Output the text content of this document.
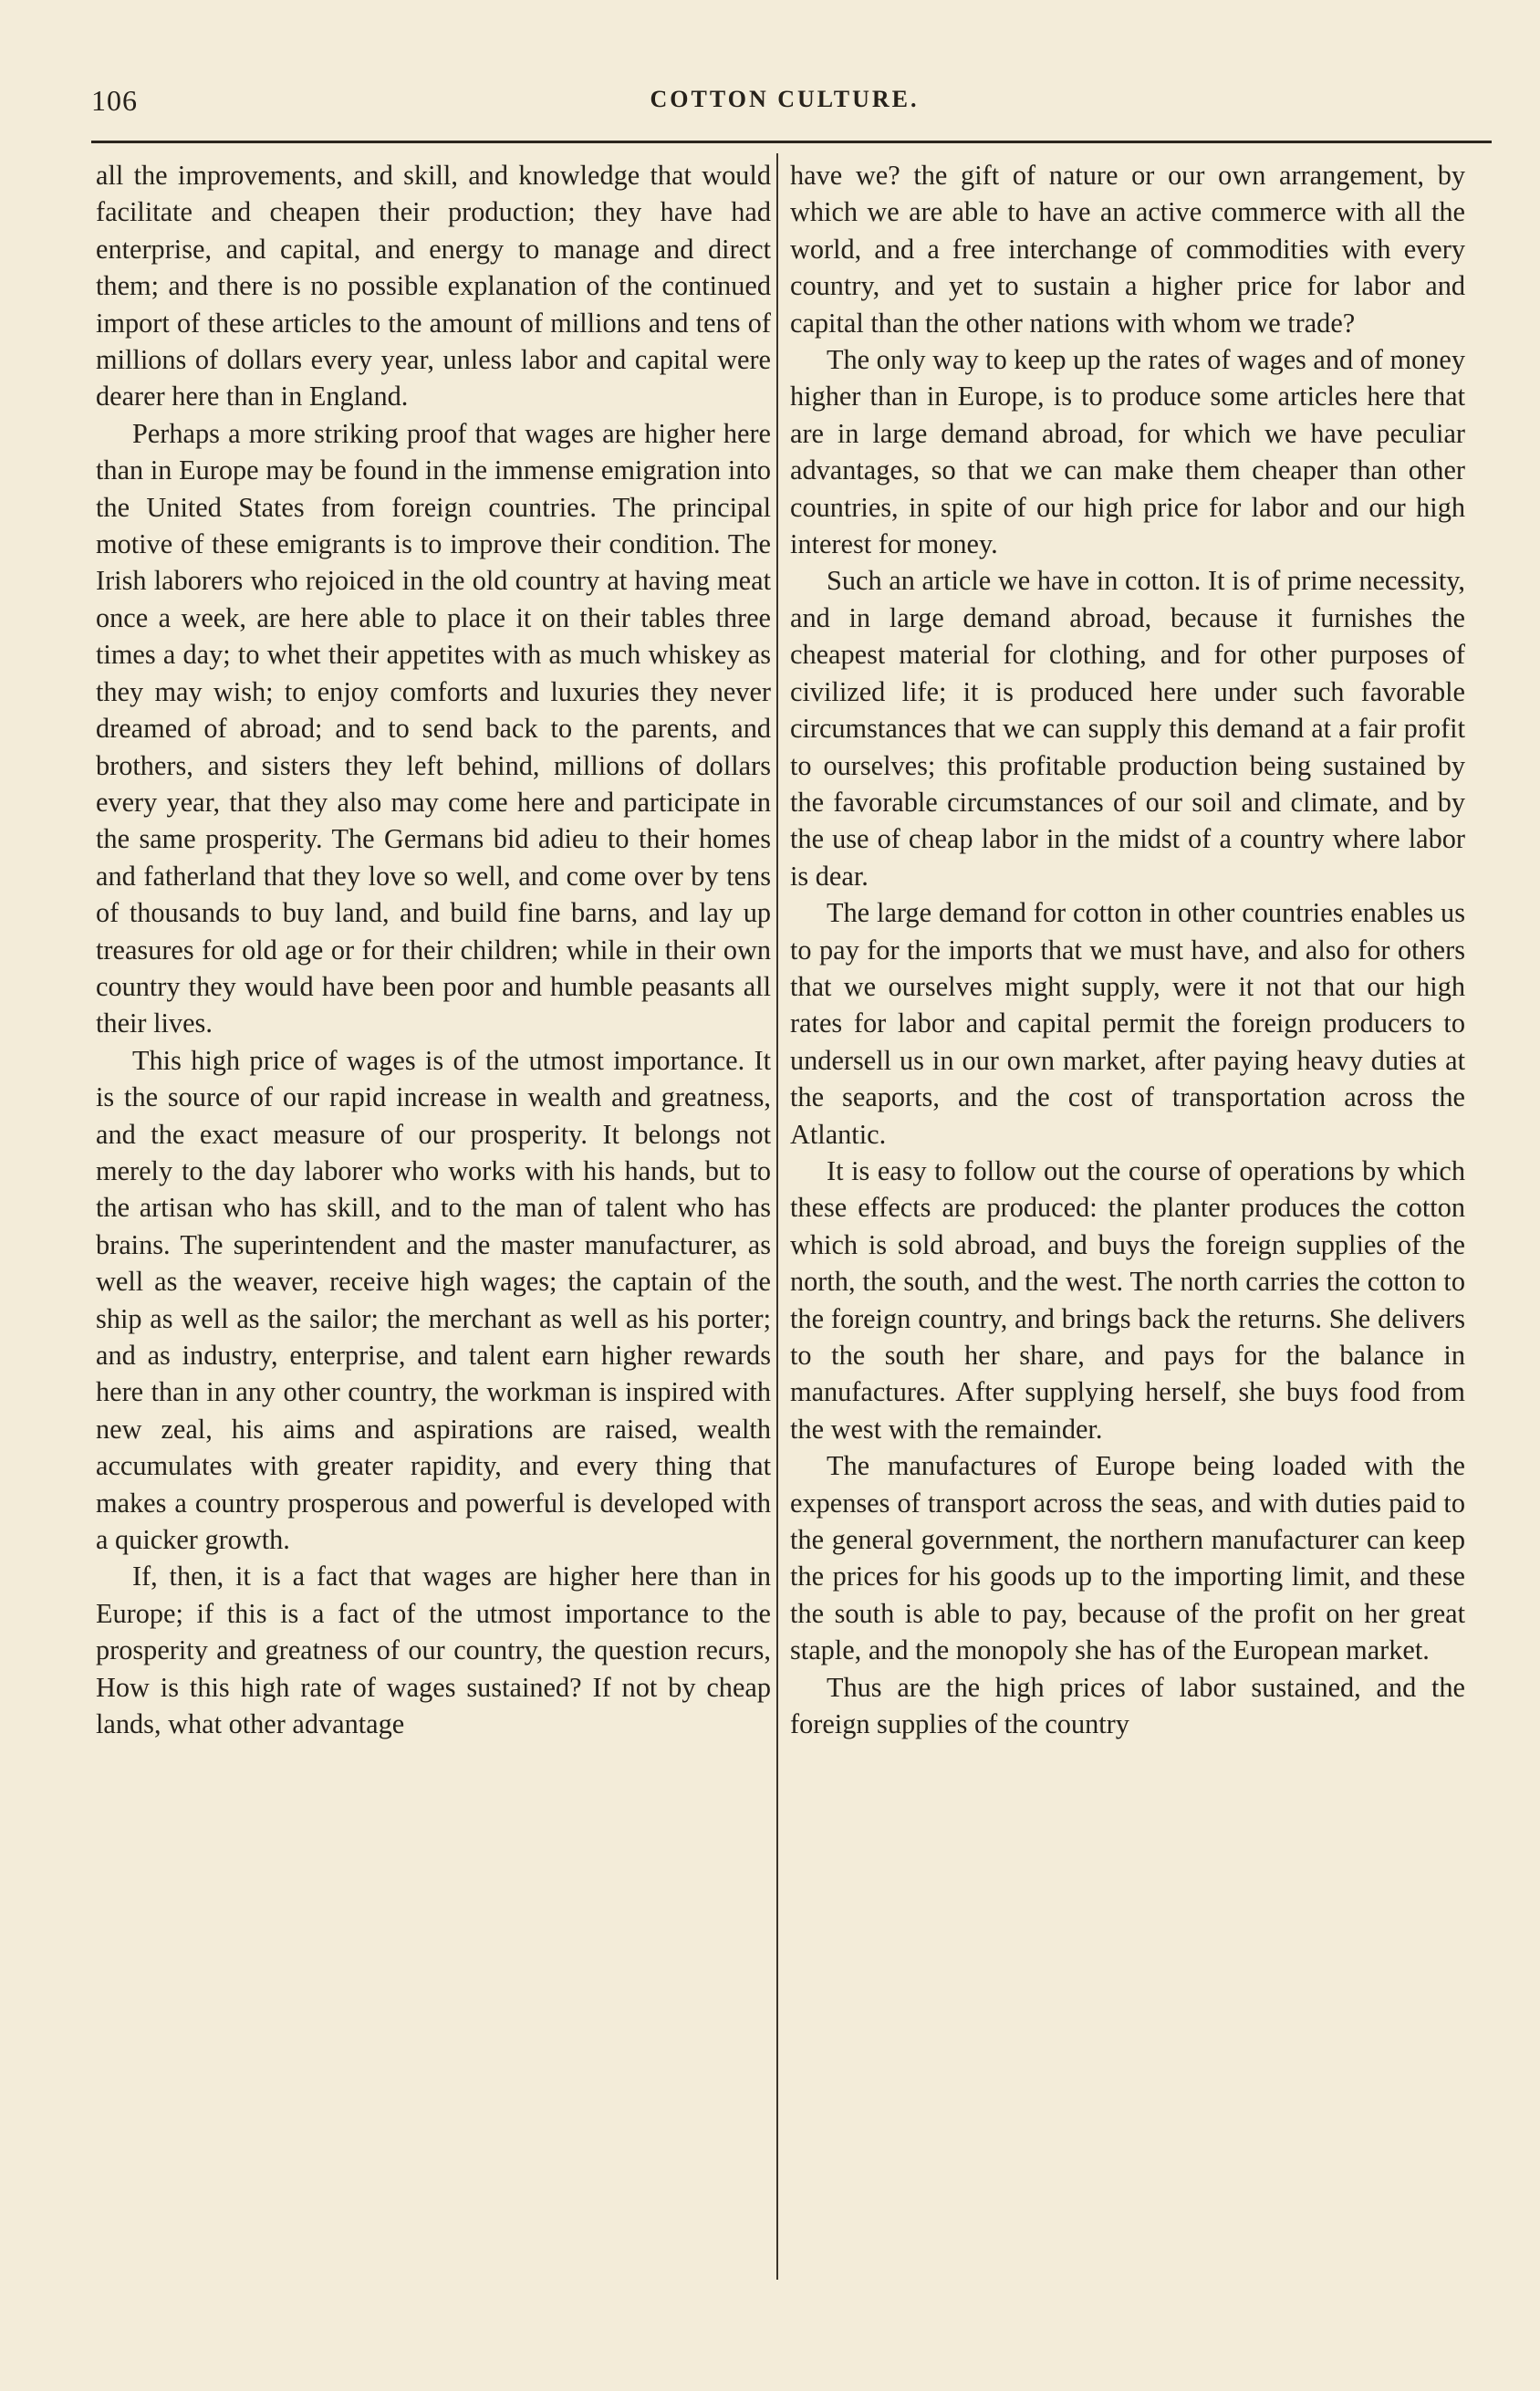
106	COTTON CULTURE.

all the improvements, and skill, and knowledge that would facilitate and cheapen their production; they have had enterprise, and capital, and energy to manage and direct them; and there is no possible explanation of the continued import of these articles to the amount of millions and tens of millions of dollars every year, unless labor and capital were dearer here than in England.

Perhaps a more striking proof that wages are higher here than in Europe may be found in the immense emigration into the United States from foreign countries. The principal motive of these emigrants is to improve their condition. The Irish laborers who rejoiced in the old country at having meat once a week, are here able to place it on their tables three times a day; to whet their appetites with as much whiskey as they may wish; to enjoy comforts and luxuries they never dreamed of abroad; and to send back to the parents, and brothers, and sisters they left behind, millions of dollars every year, that they also may come here and participate in the same prosperity. The Germans bid adieu to their homes and fatherland that they love so well, and come over by tens of thousands to buy land, and build fine barns, and lay up treasures for old age or for their children; while in their own country they would have been poor and humble peasants all their lives.

This high price of wages is of the utmost importance. It is the source of our rapid increase in wealth and greatness, and the exact measure of our prosperity. It belongs not merely to the day laborer who works with his hands, but to the artisan who has skill, and to the man of talent who has brains. The superintendent and the master manufacturer, as well as the weaver, receive high wages; the captain of the ship as well as the sailor; the merchant as well as his porter; and as industry, enterprise, and talent earn higher rewards here than in any other country, the workman is inspired with new zeal, his aims and aspirations are raised, wealth accumulates with greater rapidity, and every thing that makes a country prosperous and powerful is developed with a quicker growth.

If, then, it is a fact that wages are higher here than in Europe; if this is a fact of the utmost importance to the prosperity and greatness of our country, the question recurs, How is this high rate of wages sustained? If not by cheap lands, what other advantage

have we? the gift of nature or our own arrangement, by which we are able to have an active commerce with all the world, and a free interchange of commodities with every country, and yet to sustain a higher price for labor and capital than the other nations with whom we trade?

The only way to keep up the rates of wages and of money higher than in Europe, is to produce some articles here that are in large demand abroad, for which we have peculiar advantages, so that we can make them cheaper than other countries, in spite of our high price for labor and our high interest for money.

Such an article we have in cotton. It is of prime necessity, and in large demand abroad, because it furnishes the cheapest material for clothing, and for other purposes of civilized life; it is produced here under such favorable circumstances that we can supply this demand at a fair profit to ourselves; this profitable production being sustained by the favorable circumstances of our soil and climate, and by the use of cheap labor in the midst of a country where labor is dear.

The large demand for cotton in other countries enables us to pay for the imports that we must have, and also for others that we ourselves might supply, were it not that our high rates for labor and capital permit the foreign producers to undersell us in our own market, after paying heavy duties at the seaports, and the cost of transportation across the Atlantic.

It is easy to follow out the course of operations by which these effects are produced: the planter produces the cotton which is sold abroad, and buys the foreign supplies of the north, the south, and the west. The north carries the cotton to the foreign country, and brings back the returns. She delivers to the south her share, and pays for the balance in manufactures. After supplying herself, she buys food from the west with the remainder.

The manufactures of Europe being loaded with the expenses of transport across the seas, and with duties paid to the general government, the northern manufacturer can keep the prices for his goods up to the importing limit, and these the south is able to pay, because of the profit on her great staple, and the monopoly she has of the European market.

Thus are the high prices of labor sustained, and the foreign supplies of the country
